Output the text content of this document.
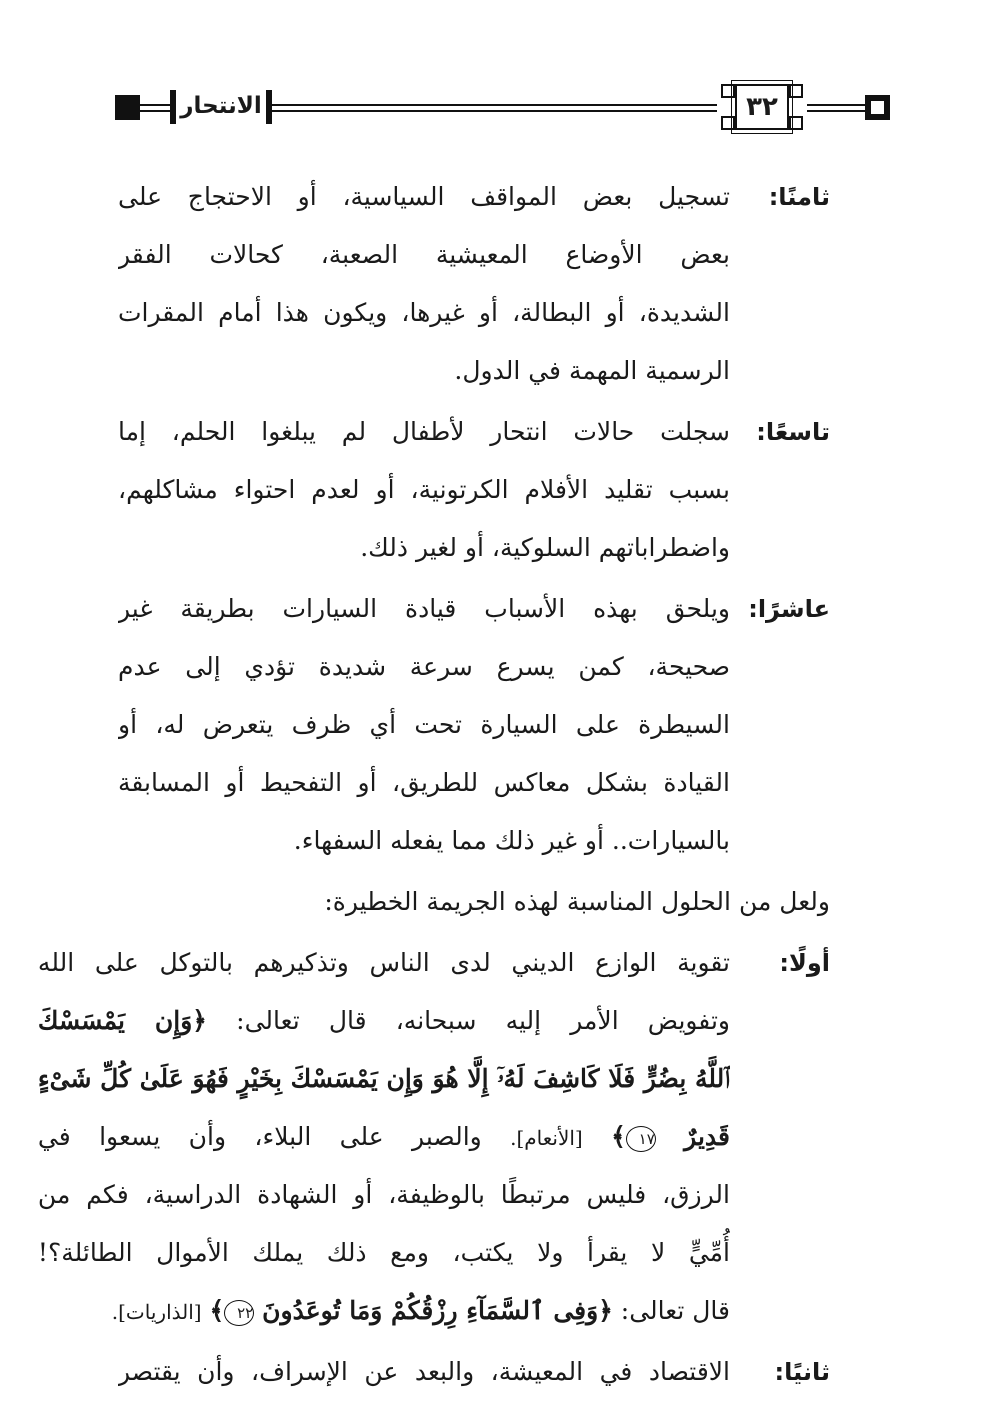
٣٢
الانتحار
ثامنًا:
تسجيل بعض المواقف السياسية، أو الاحتجاج على
بعض الأوضاع المعيشية الصعبة، كحالات الفقر
الشديدة، أو البطالة، أو غيرها، ويكون هذا أمام المقرات
الرسمية المهمة في الدول.
تاسعًا:
سجلت حالات انتحار لأطفال لم يبلغوا الحلم، إما
بسبب تقليد الأفلام الكرتونية، أو لعدم احتواء مشاكلهم،
واضطراباتهم السلوكية، أو لغير ذلك.
عاشرًا:
ويلحق بهذه الأسباب قيادة السيارات بطريقة غير
صحيحة، كمن يسرع سرعة شديدة تؤدي إلى عدم
السيطرة على السيارة تحت أي ظرف يتعرض له، أو
القيادة بشكل معاكس للطريق، أو التفحيط أو المسابقة
بالسيارات.. أو غير ذلك مما يفعله السفهاء.
ولعل من الحلول المناسبة لهذه الجريمة الخطيرة:
أولًا:
تقوية الوازع الديني لدى الناس وتذكيرهم بالتوكل على الله
وتفويض الأمر إليه سبحانه، قال تعالى: ﴿وَإِن يَمْسَسْكَ
ٱللَّهُ بِضُرٍّ فَلَا كَاشِفَ لَهُۥٓ إِلَّا هُوَ وَإِن يَمْسَسْكَ بِخَيْرٍ فَهُوَ عَلَىٰ كُلِّ شَىْءٍ
قَدِيرٌ ١٧﴾ [الأنعام]. والصبر على البلاء، وأن يسعوا في
الرزق، فليس مرتبطًا بالوظيفة، أو الشهادة الدراسية، فكم من
أُمِّيٍّ لا يقرأ ولا يكتب، ومع ذلك يملك الأموال الطائلة؟!
قال تعالى: ﴿وَفِى ٱلسَّمَآءِ رِزْقُكُمْ وَمَا تُوعَدُونَ ٢٢﴾ [الذاريات].
ثانيًا:
الاقتصاد في المعيشة، والبعد عن الإسراف، وأن يقتصر
